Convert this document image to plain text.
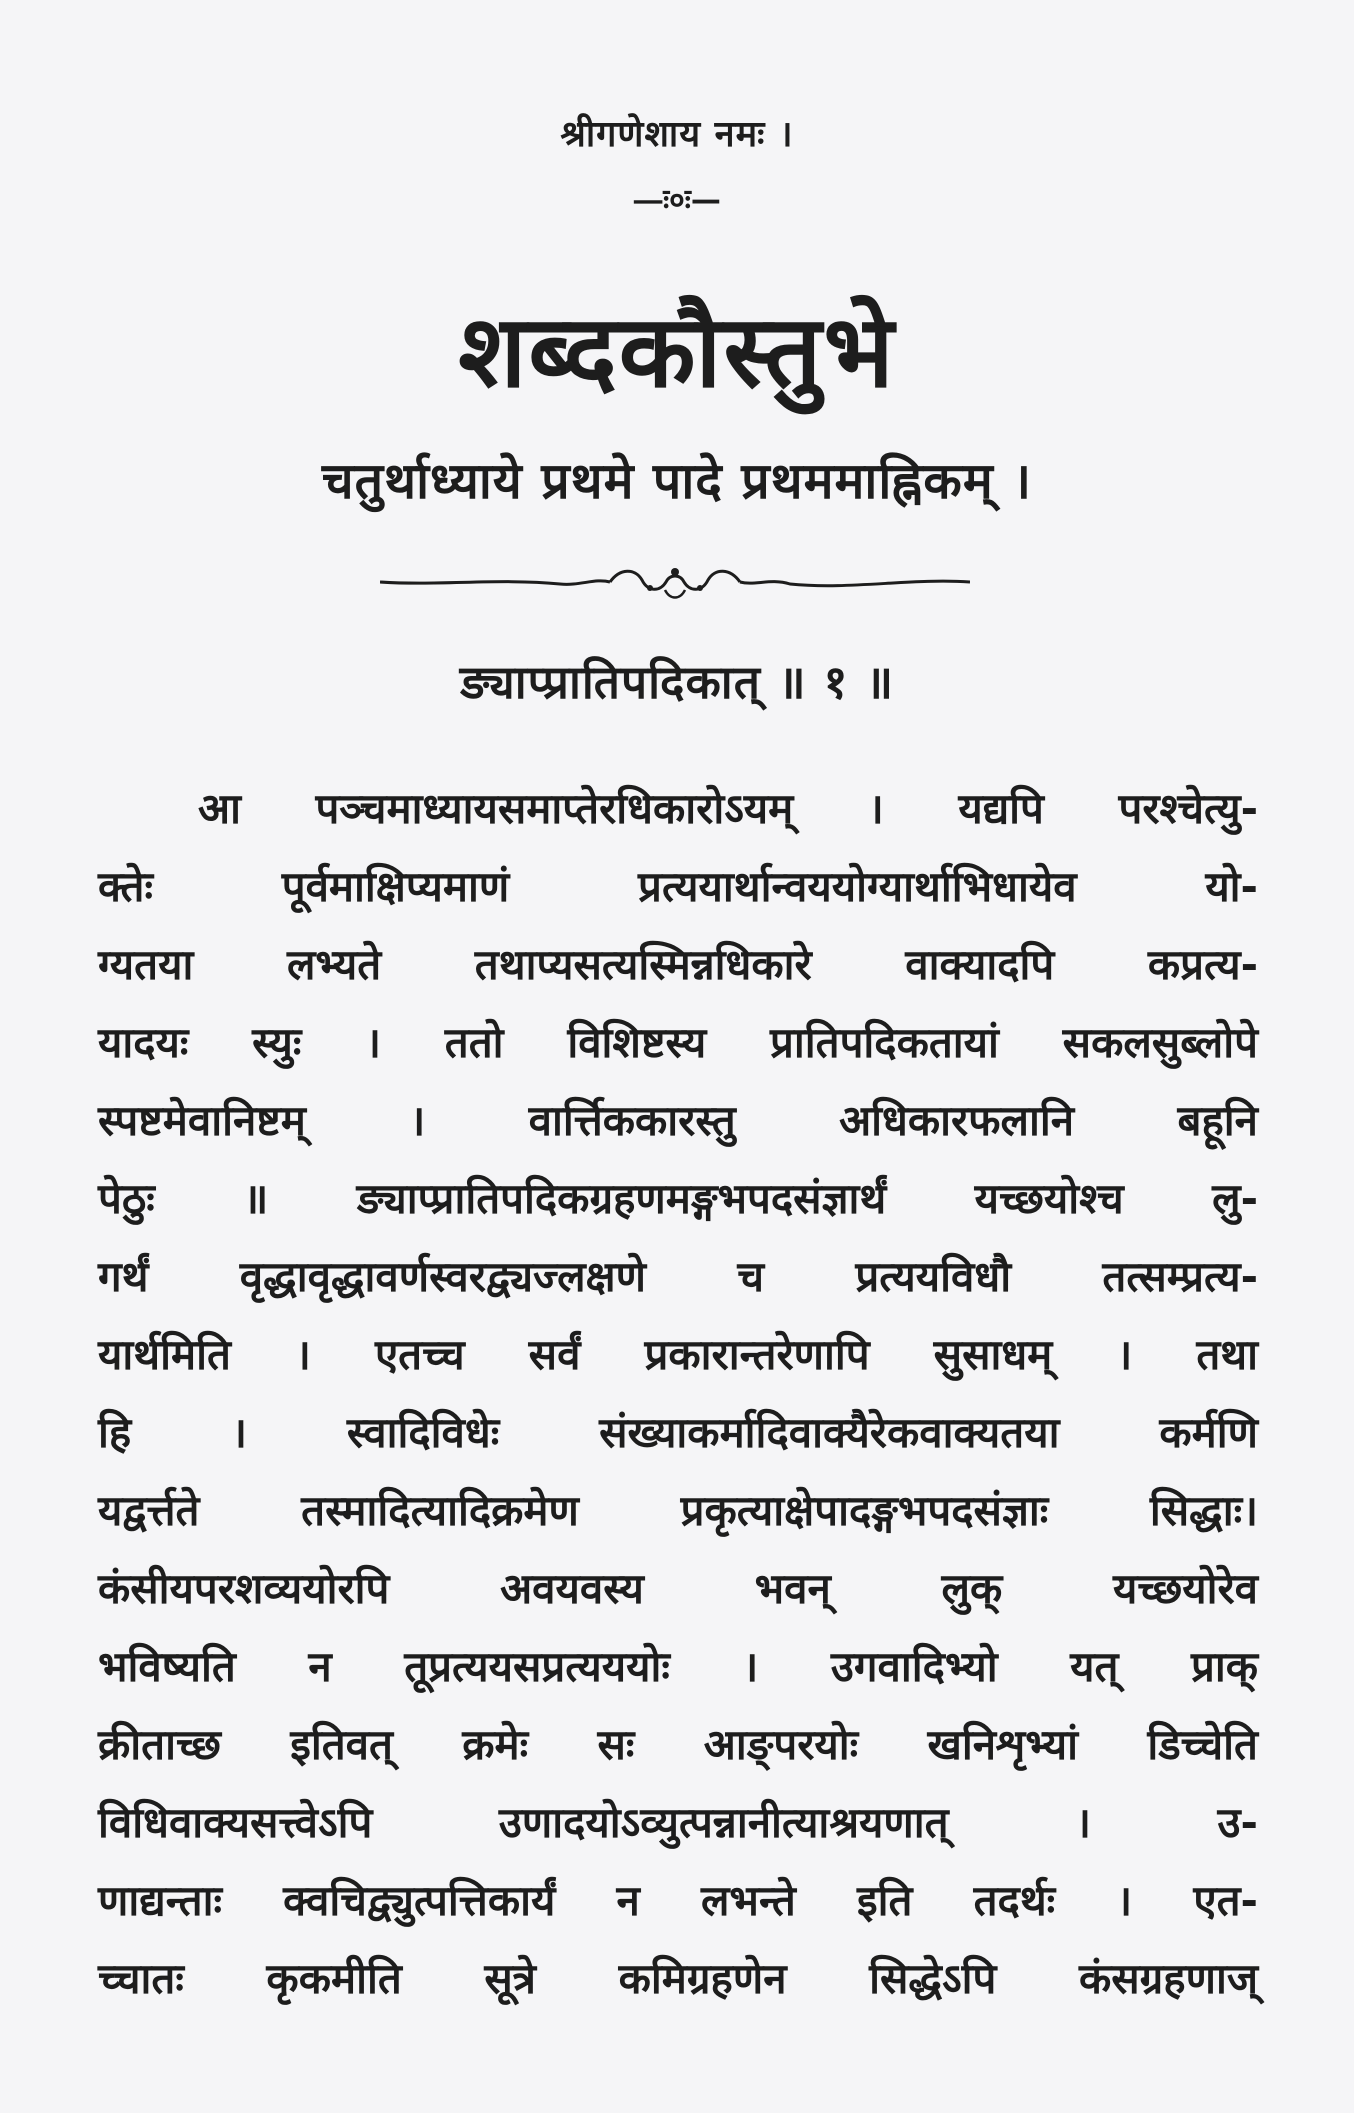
श्रीगणेशाय नमः ।
—ः०ः—
शब्दकौस्तुभे
चतुर्थाध्याये प्रथमे पादे प्रथममाह्निकम् ।
ङ्याप्प्रातिपदिकात् ॥ १ ॥
आ पञ्चमाध्यायसमाप्तेरधिकारोऽयम् । यद्यपि परश्चेत्यु-
क्तेः पूर्वमाक्षिप्यमाणं प्रत्ययार्थान्वययोग्यार्थाभिधायेव यो-
ग्यतया लभ्यते तथाप्यसत्यस्मिन्नधिकारे वाक्यादपि कप्रत्य-
यादयः स्युः । ततो विशिष्टस्य प्रातिपदिकतायां सकलसुब्लोपे
स्पष्टमेवानिष्टम् । वार्त्तिककारस्तु अधिकारफलानि बहूनि
पेठुः ॥ ङ्याप्प्रातिपदिकग्रहणमङ्गभपदसंज्ञार्थं यच्छयोश्च लु-
गर्थं वृद्धावृद्धावर्णस्वरद्व्यज्लक्षणे च प्रत्ययविधौ तत्सम्प्रत्य-
यार्थमिति । एतच्च सर्वं प्रकारान्तरेणापि सुसाधम् । तथा
हि । स्वादिविधेः संख्याकर्मादिवाक्यैरेकवाक्यतया कर्मणि
यद्वर्त्तते तस्मादित्यादिक्रमेण प्रकृत्याक्षेपादङ्गभपदसंज्ञाः सिद्धाः।
कंसीयपरशव्ययोरपि अवयवस्य भवन् लुक् यच्छयोरेव
भविष्यति न तूप्रत्ययसप्रत्यययोः । उगवादिभ्यो यत् प्राक्
क्रीताच्छ इतिवत् क्रमेः सः आङ्परयोः खनिशृभ्यां डिच्चेति
विधिवाक्यसत्त्वेऽपि उणादयोऽव्युत्पन्नानीत्याश्रयणात् । उ-
णाद्यन्ताः क्वचिद्व्युत्पत्तिकार्यं न लभन्ते इति तदर्थः । एत-
च्चातः कृकमीति सूत्रे कमिग्रहणेन सिद्धेऽपि कंसग्रहणाज्
